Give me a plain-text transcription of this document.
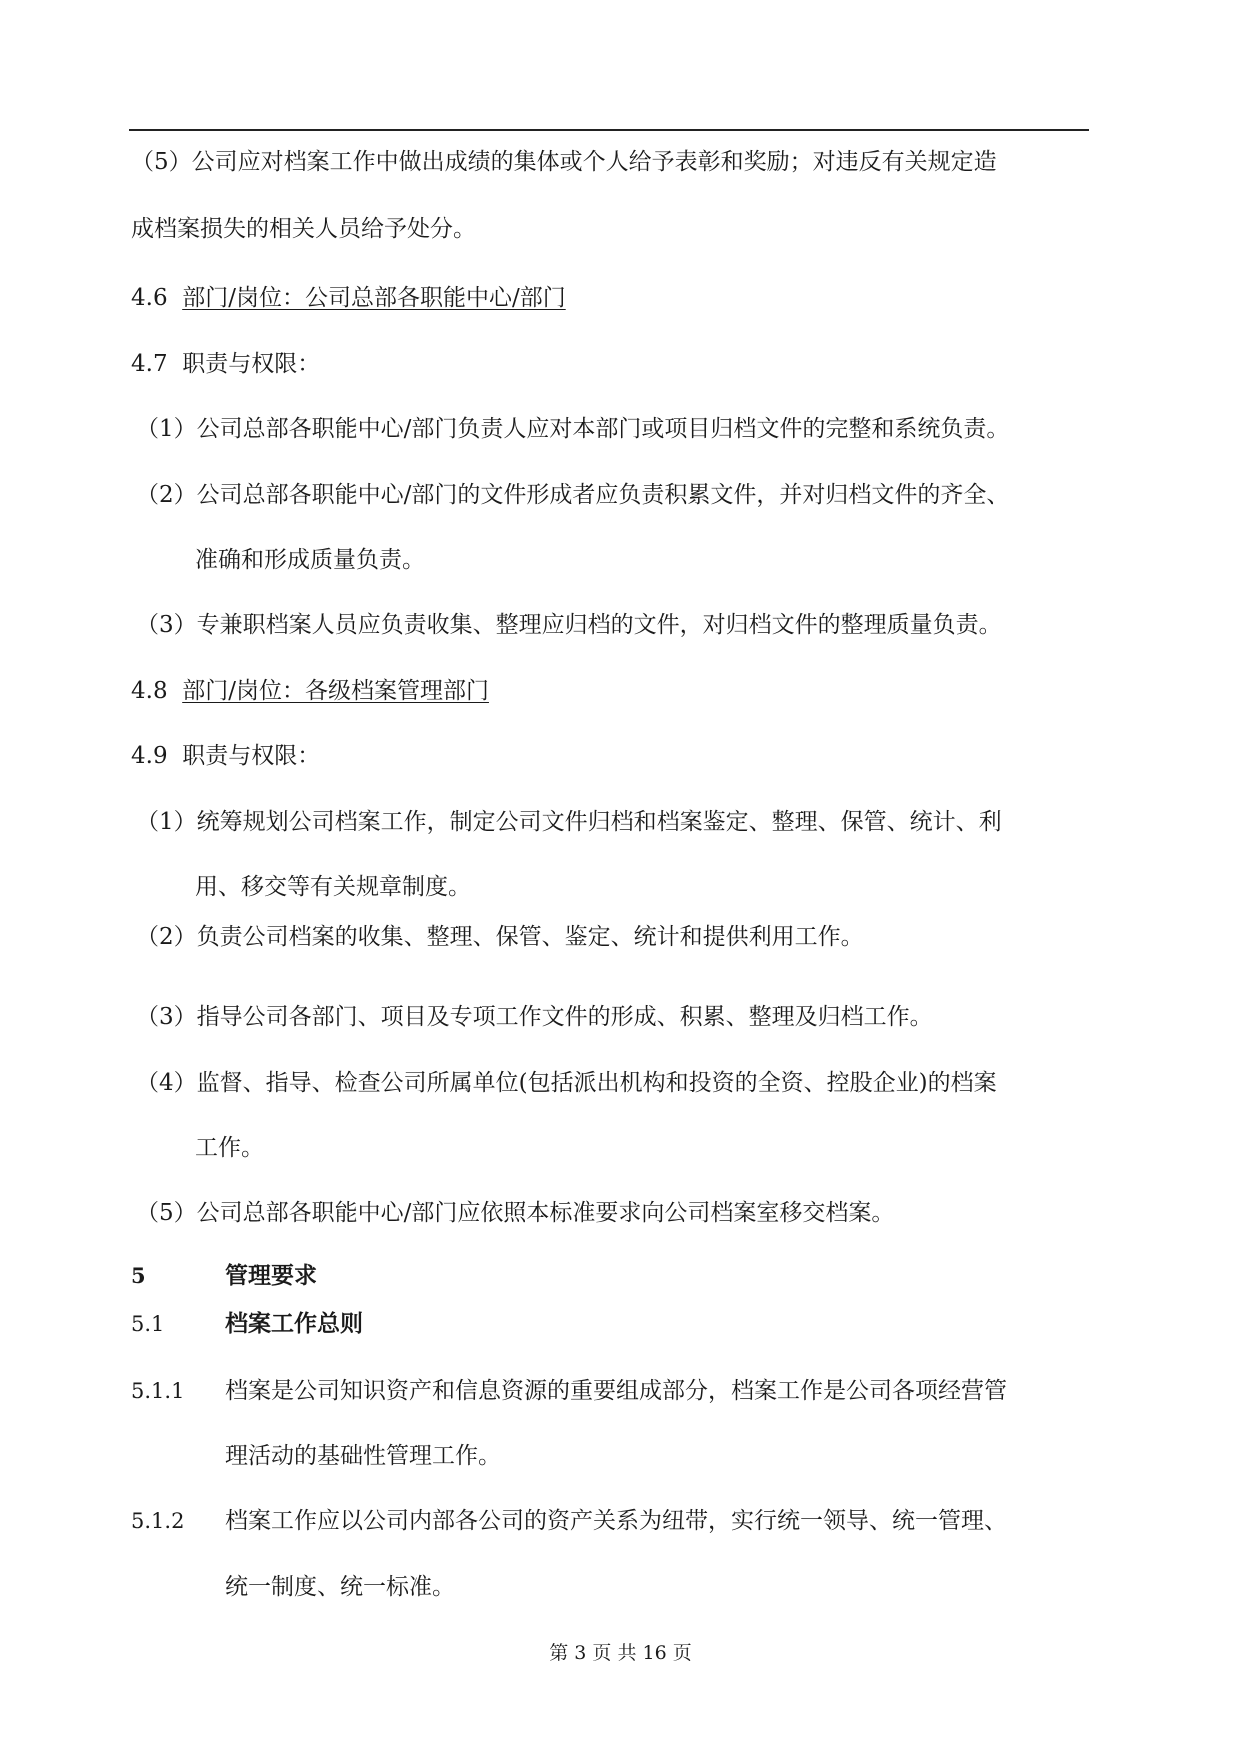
（5）公司应对档案工作中做出成绩的集体或个人给予表彰和奖励；对违反有关规定造
成档案损失的相关人员给予处分。
4.6 部门/岗位：公司总部各职能中心/部门
4.7 职责与权限：
（1）公司总部各职能中心/部门负责人应对本部门或项目归档文件的完整和系统负责。
（2）公司总部各职能中心/部门的文件形成者应负责积累文件，并对归档文件的齐全、
准确和形成质量负责。
（3）专兼职档案人员应负责收集、整理应归档的文件，对归档文件的整理质量负责。
4.8 部门/岗位：各级档案管理部门
4.9 职责与权限：
（1）统筹规划公司档案工作，制定公司文件归档和档案鉴定、整理、保管、统计、利
用、移交等有关规章制度。
（2）负责公司档案的收集、整理、保管、鉴定、统计和提供利用工作。
（3）指导公司各部门、项目及专项工作文件的形成、积累、整理及归档工作。
（4）监督、指导、检查公司所属单位(包括派出机构和投资的全资、控股企业)的档案
工作。
（5）公司总部各职能中心/部门应依照本标准要求向公司档案室移交档案。
5	管理要求
5.1	档案工作总则
5.1.1 档案是公司知识资产和信息资源的重要组成部分，档案工作是公司各项经营管
理活动的基础性管理工作。
5.1.2 档案工作应以公司内部各公司的资产关系为纽带，实行统一领导、统一管理、
统一制度、统一标准。
第 3 页 共 16 页
